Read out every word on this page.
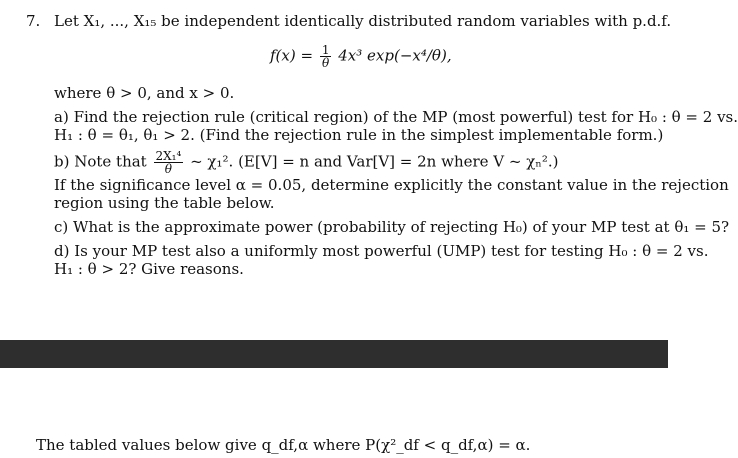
7. Let X₁, ..., X₁₅ be independent identically distributed random variables with p.d.f.
$f(x) = \frac{1}{\theta} 4x^3$ exp(−x⁴/θ),
where θ > 0, and x > 0.
a) Find the rejection rule (critical region) of the MP (most powerful) test for H₀ : θ = 2 vs.
H₁ : θ = θ₁, θ₁ > 2. (Find the rejection rule in the simplest implementable form.)
b) Note that $\frac{\text{2X₁⁴}}{\theta}$ ~ χ₁². (E[V] = n and Var[V] = 2n where V ~ χₙ².)
If the significance level α = 0.05, determine explicitly the constant value in the rejection
region using the table below.
c) What is the approximate power (probability of rejecting H₀) of your MP test at θ₁ = 5?
d) Is your MP test also a uniformly most powerful (UMP) test for testing H₀ : θ = 2 vs.
H₁ : θ > 2? Give reasons.
The tabled values below give q_df,α where P(χ²_df < q_df,α) = α.
